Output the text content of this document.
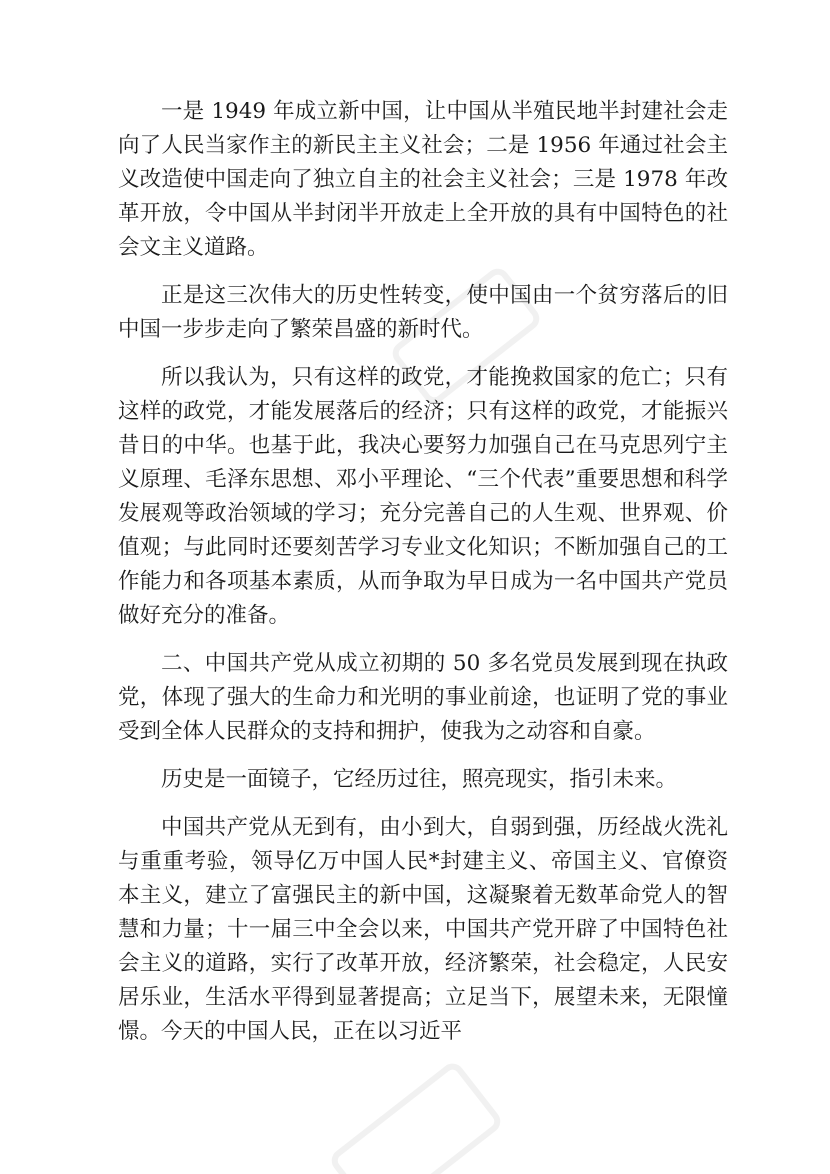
一是 1949 年成立新中国，让中国从半殖民地半封建社会走向了人民当家作主的新民主主义社会；二是 1956 年通过社会主义改造使中国走向了独立自主的社会主义社会；三是 1978 年改革开放，令中国从半封闭半开放走上全开放的具有中国特色的社会文主义道路。

正是这三次伟大的历史性转变，使中国由一个贫穷落后的旧中国一步步走向了繁荣昌盛的新时代。

所以我认为，只有这样的政党，才能挽救国家的危亡；只有这样的政党，才能发展落后的经济；只有这样的政党，才能振兴昔日的中华。也基于此，我决心要努力加强自己在马克思列宁主义原理、毛泽东思想、邓小平理论、“三个代表”重要思想和科学发展观等政治领域的学习；充分完善自己的人生观、世界观、价值观；与此同时还要刻苦学习专业文化知识；不断加强自己的工作能力和各项基本素质，从而争取为早日成为一名中国共产党员做好充分的准备。

二、中国共产党从成立初期的 50 多名党员发展到现在执政党，体现了强大的生命力和光明的事业前途，也证明了党的事业受到全体人民群众的支持和拥护，使我为之动容和自豪。

历史是一面镜子，它经历过往，照亮现实，指引未来。

中国共产党从无到有，由小到大，自弱到强，历经战火洗礼与重重考验，领导亿万中国人民*封建主义、帝国主义、官僚资本主义，建立了富强民主的新中国，这凝聚着无数革命党人的智慧和力量；十一届三中全会以来，中国共产党开辟了中国特色社会主义的道路，实行了改革开放，经济繁荣，社会稳定，人民安居乐业，生活水平得到显著提高；立足当下，展望未来，无限憧憬。今天的中国人民，正在以习近平
